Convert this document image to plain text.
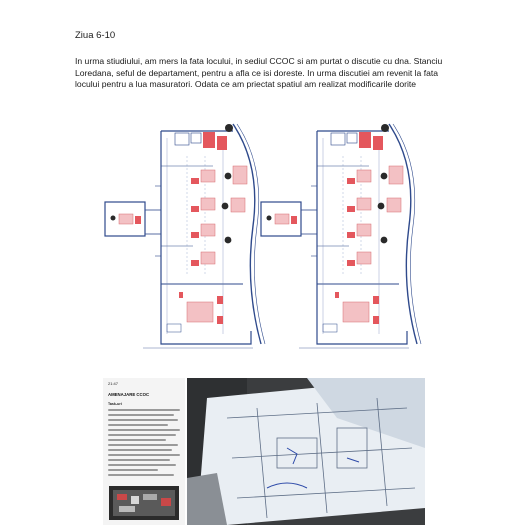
Ziua 6-10
In urma stiudiului, am mers la fata locului, in sediul CCOC si am purtat o discutie cu dna. Stanciu Loredana, seful de departament, pentru a afla ce isi doreste. In urma discutiei am revenit la fata locului pentru a lua masuratori. Odata ce am priectat spatiul am realizat modificarile dorite
21:47
AMENAJARE CCOC
Task-uri
